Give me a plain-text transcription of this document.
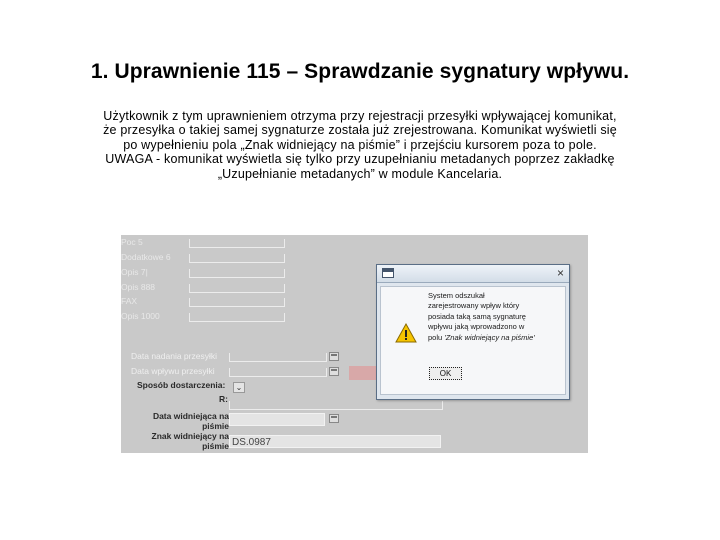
1. Uprawnienie 115 – Sprawdzanie sygnatury wpływu.

Użytkownik z tym uprawnieniem otrzyma przy rejestracji przesyłki wpływającej komunikat, że przesyłka o takiej samej sygnaturze została już zrejestrowana. Komunikat wyświetli się po wypełnieniu pola „Znak widniejący na piśmie” i przejściu kursorem poza to pole.

UWAGA - komunikat wyświetla się tylko przy uzupełnianiu metadanych poprzez zakładkę „Uzupełnianie metadanych” w module Kancelaria.

Poc 5
Dodatkowe 6
Opis 7|
Opis 888
FAX
Opis 1000
Data nadania przesyłki
Data wpływu przesyłki
Sposób dostarczenia:	⌄
R:
Data widniejąca na piśmie
Znak widniejący na piśmie DS.0987
×
System odszukał
zarejestrowany wpływ który
posiada taką samą sygnaturę
wpływu jaką wprowadzono w
polu 'Znak widniejący na piśmie'
OK
